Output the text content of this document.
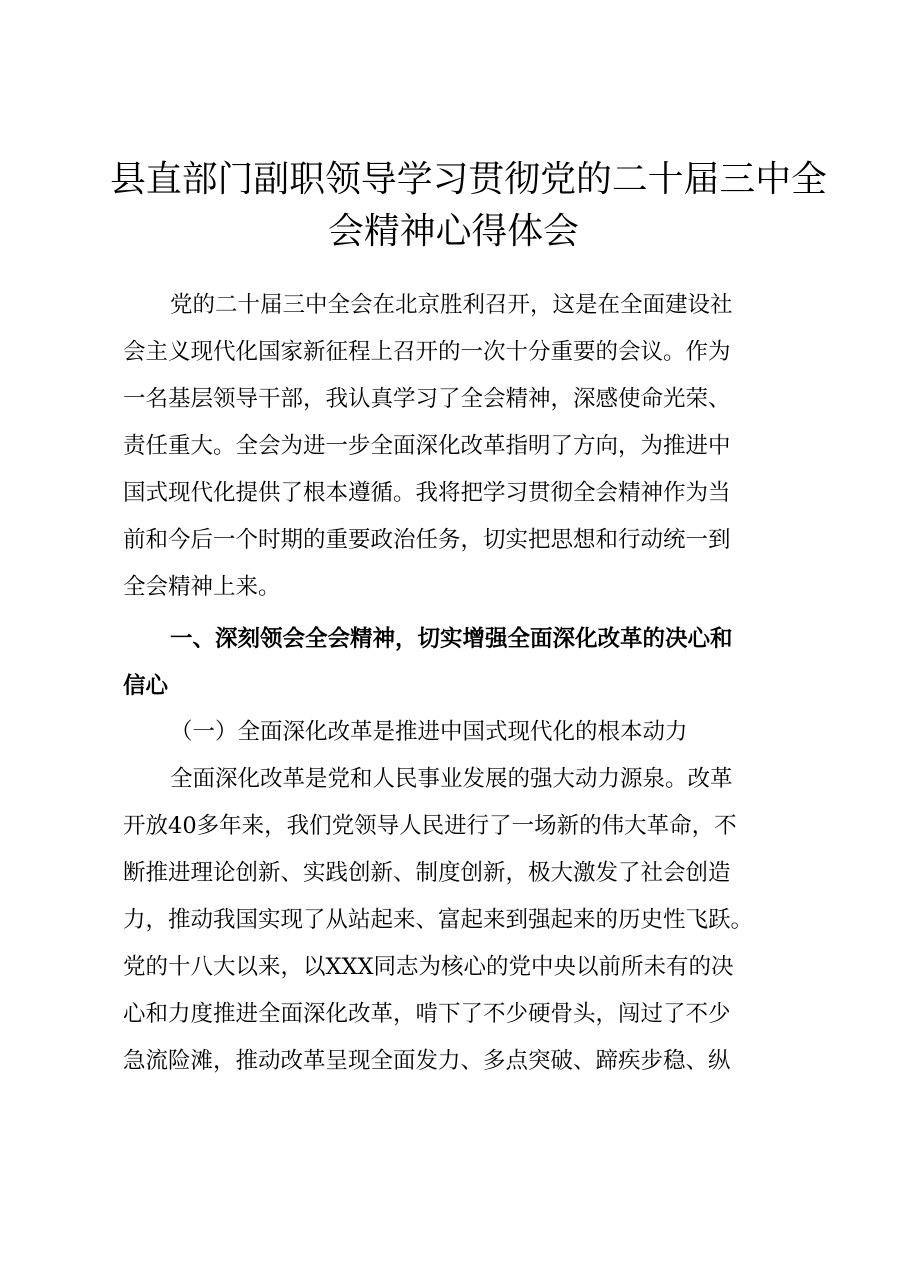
县直部门副职领导学习贯彻党的二十届三中全
会精神心得体会
党的二十届三中全会在北京胜利召开，这是在全面建设社
会主义现代化国家新征程上召开的一次十分重要的会议。作为
一名基层领导干部，我认真学习了全会精神，深感使命光荣、
责任重大。全会为进一步全面深化改革指明了方向，为推进中
国式现代化提供了根本遵循。我将把学习贯彻全会精神作为当
前和今后一个时期的重要政治任务，切实把思想和行动统一到
全会精神上来。
一、深刻领会全会精神，切实增强全面深化改革的决心和
信心
（一）全面深化改革是推进中国式现代化的根本动力
全面深化改革是党和人民事业发展的强大动力源泉。改革
开放40多年来，我们党领导人民进行了一场新的伟大革命，不
断推进理论创新、实践创新、制度创新，极大激发了社会创造
力，推动我国实现了从站起来、富起来到强起来的历史性飞跃。
党的十八大以来，以XXX同志为核心的党中央以前所未有的决
心和力度推进全面深化改革，啃下了不少硬骨头，闯过了不少
急流险滩，推动改革呈现全面发力、多点突破、蹄疾步稳、纵
